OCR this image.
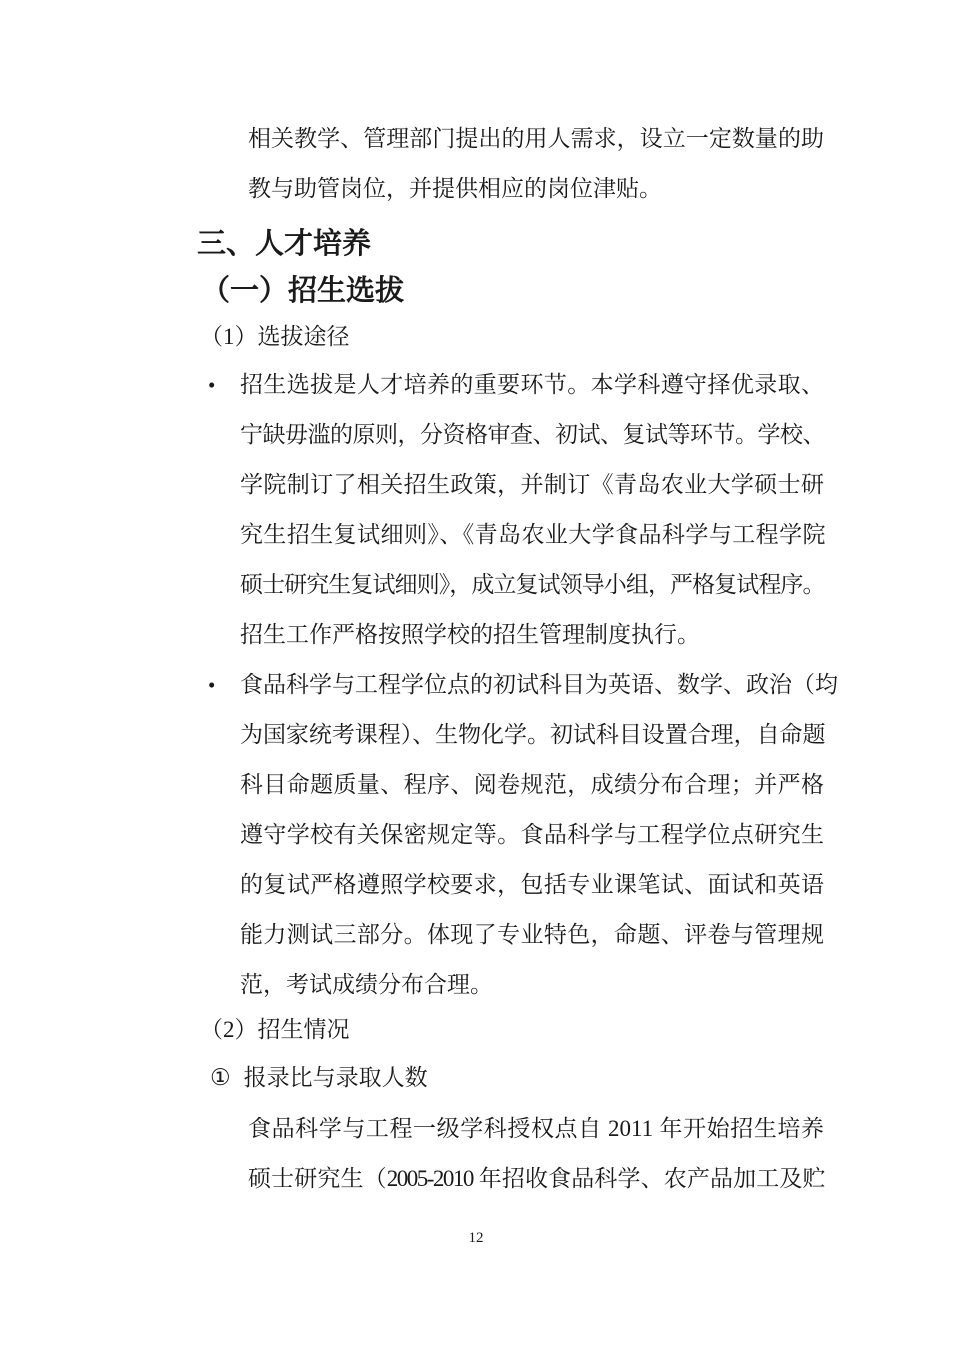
相关教学、管理部门提出的用人需求，设立一定数量的助
教与助管岗位，并提供相应的岗位津贴。
三、人才培养
（一）招生选拔
（1）选拔途径
• 招生选拔是人才培养的重要环节。本学科遵守择优录取、
宁缺毋滥的原则，分资格审查、初试、复试等环节。学校、
学院制订了相关招生政策，并制订《青岛农业大学硕士研
究生招生复试细则》、《青岛农业大学食品科学与工程学院
硕士研究生复试细则》，成立复试领导小组，严格复试程序。
招生工作严格按照学校的招生管理制度执行。
• 食品科学与工程学位点的初试科目为英语、数学、政治（均
为国家统考课程）、生物化学。初试科目设置合理，自命题
科目命题质量、程序、阅卷规范，成绩分布合理；并严格
遵守学校有关保密规定等。食品科学与工程学位点研究生
的复试严格遵照学校要求，包括专业课笔试、面试和英语
能力测试三部分。体现了专业特色，命题、评卷与管理规
范，考试成绩分布合理。
（2）招生情况
① 报录比与录取人数
食品科学与工程一级学科授权点自 2011 年开始招生培养
硕士研究生（2005-2010 年招收食品科学、农产品加工及贮
12
